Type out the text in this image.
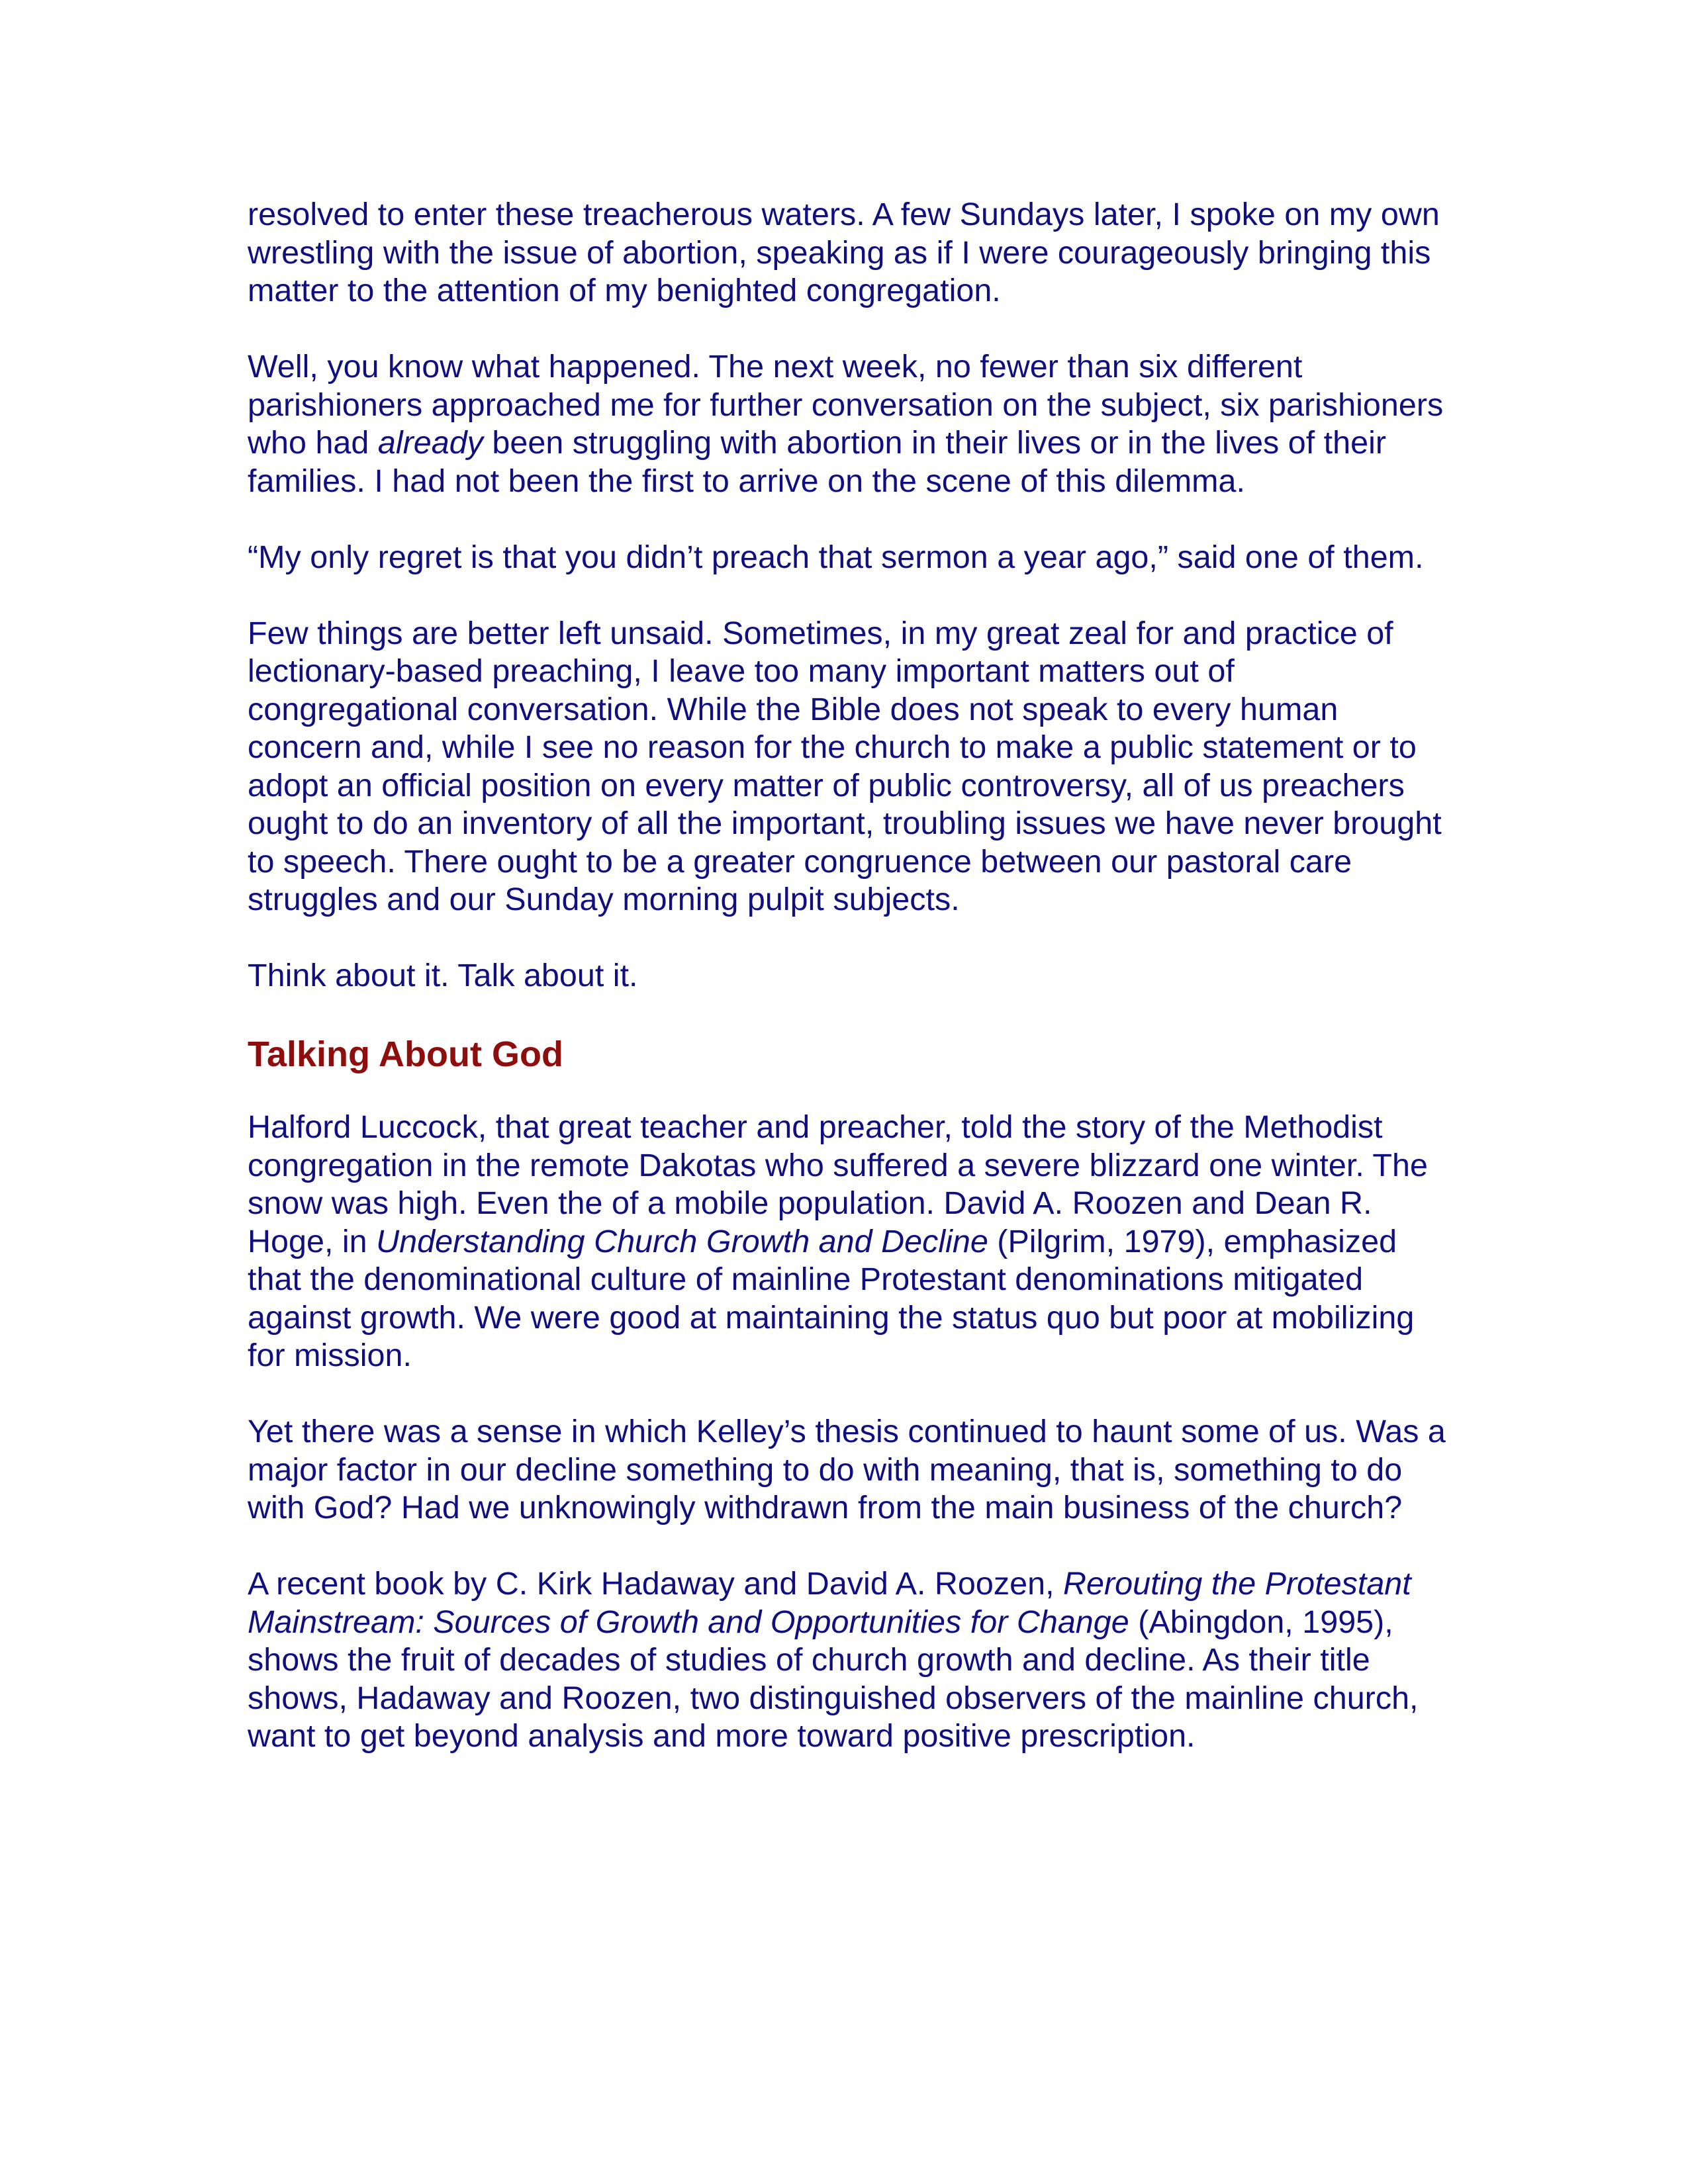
resolved to enter these treacherous waters. A few Sundays later, I spoke on my own wrestling with the issue of abortion, speaking as if I were courageously bringing this matter to the attention of my benighted congregation.

Well, you know what happened. The next week, no fewer than six different parishioners approached me for further conversation on the subject, six parishioners who had already been struggling with abortion in their lives or in the lives of their families. I had not been the first to arrive on the scene of this dilemma.

“My only regret is that you didn’t preach that sermon a year ago,” said one of them.

Few things are better left unsaid. Sometimes, in my great zeal for and practice of lectionary-based preaching, I leave too many important matters out of congregational conversation. While the Bible does not speak to every human concern and, while I see no reason for the church to make a public statement or to adopt an official position on every matter of public controversy, all of us preachers ought to do an inventory of all the important, troubling issues we have never brought to speech. There ought to be a greater congruence between our pastoral care struggles and our Sunday morning pulpit subjects.

Think about it. Talk about it.

Talking About God

Halford Luccock, that great teacher and preacher, told the story of the Methodist congregation in the remote Dakotas who suffered a severe blizzard one winter. The snow was high. Even the of a mobile population. David A. Roozen and Dean R. Hoge, in Understanding Church Growth and Decline (Pilgrim, 1979), emphasized that the denominational culture of mainline Protestant denominations mitigated against growth. We were good at maintaining the status quo but poor at mobilizing for mission.

Yet there was a sense in which Kelley’s thesis continued to haunt some of us. Was a major factor in our decline something to do with meaning, that is, something to do with God? Had we unknowingly withdrawn from the main business of the church?

A recent book by C. Kirk Hadaway and David A. Roozen, Rerouting the Protestant Mainstream: Sources of Growth and Opportunities for Change (Abingdon, 1995), shows the fruit of decades of studies of church growth and decline. As their title shows, Hadaway and Roozen, two distinguished observers of the mainline church, want to get beyond analysis and more toward positive prescription.
